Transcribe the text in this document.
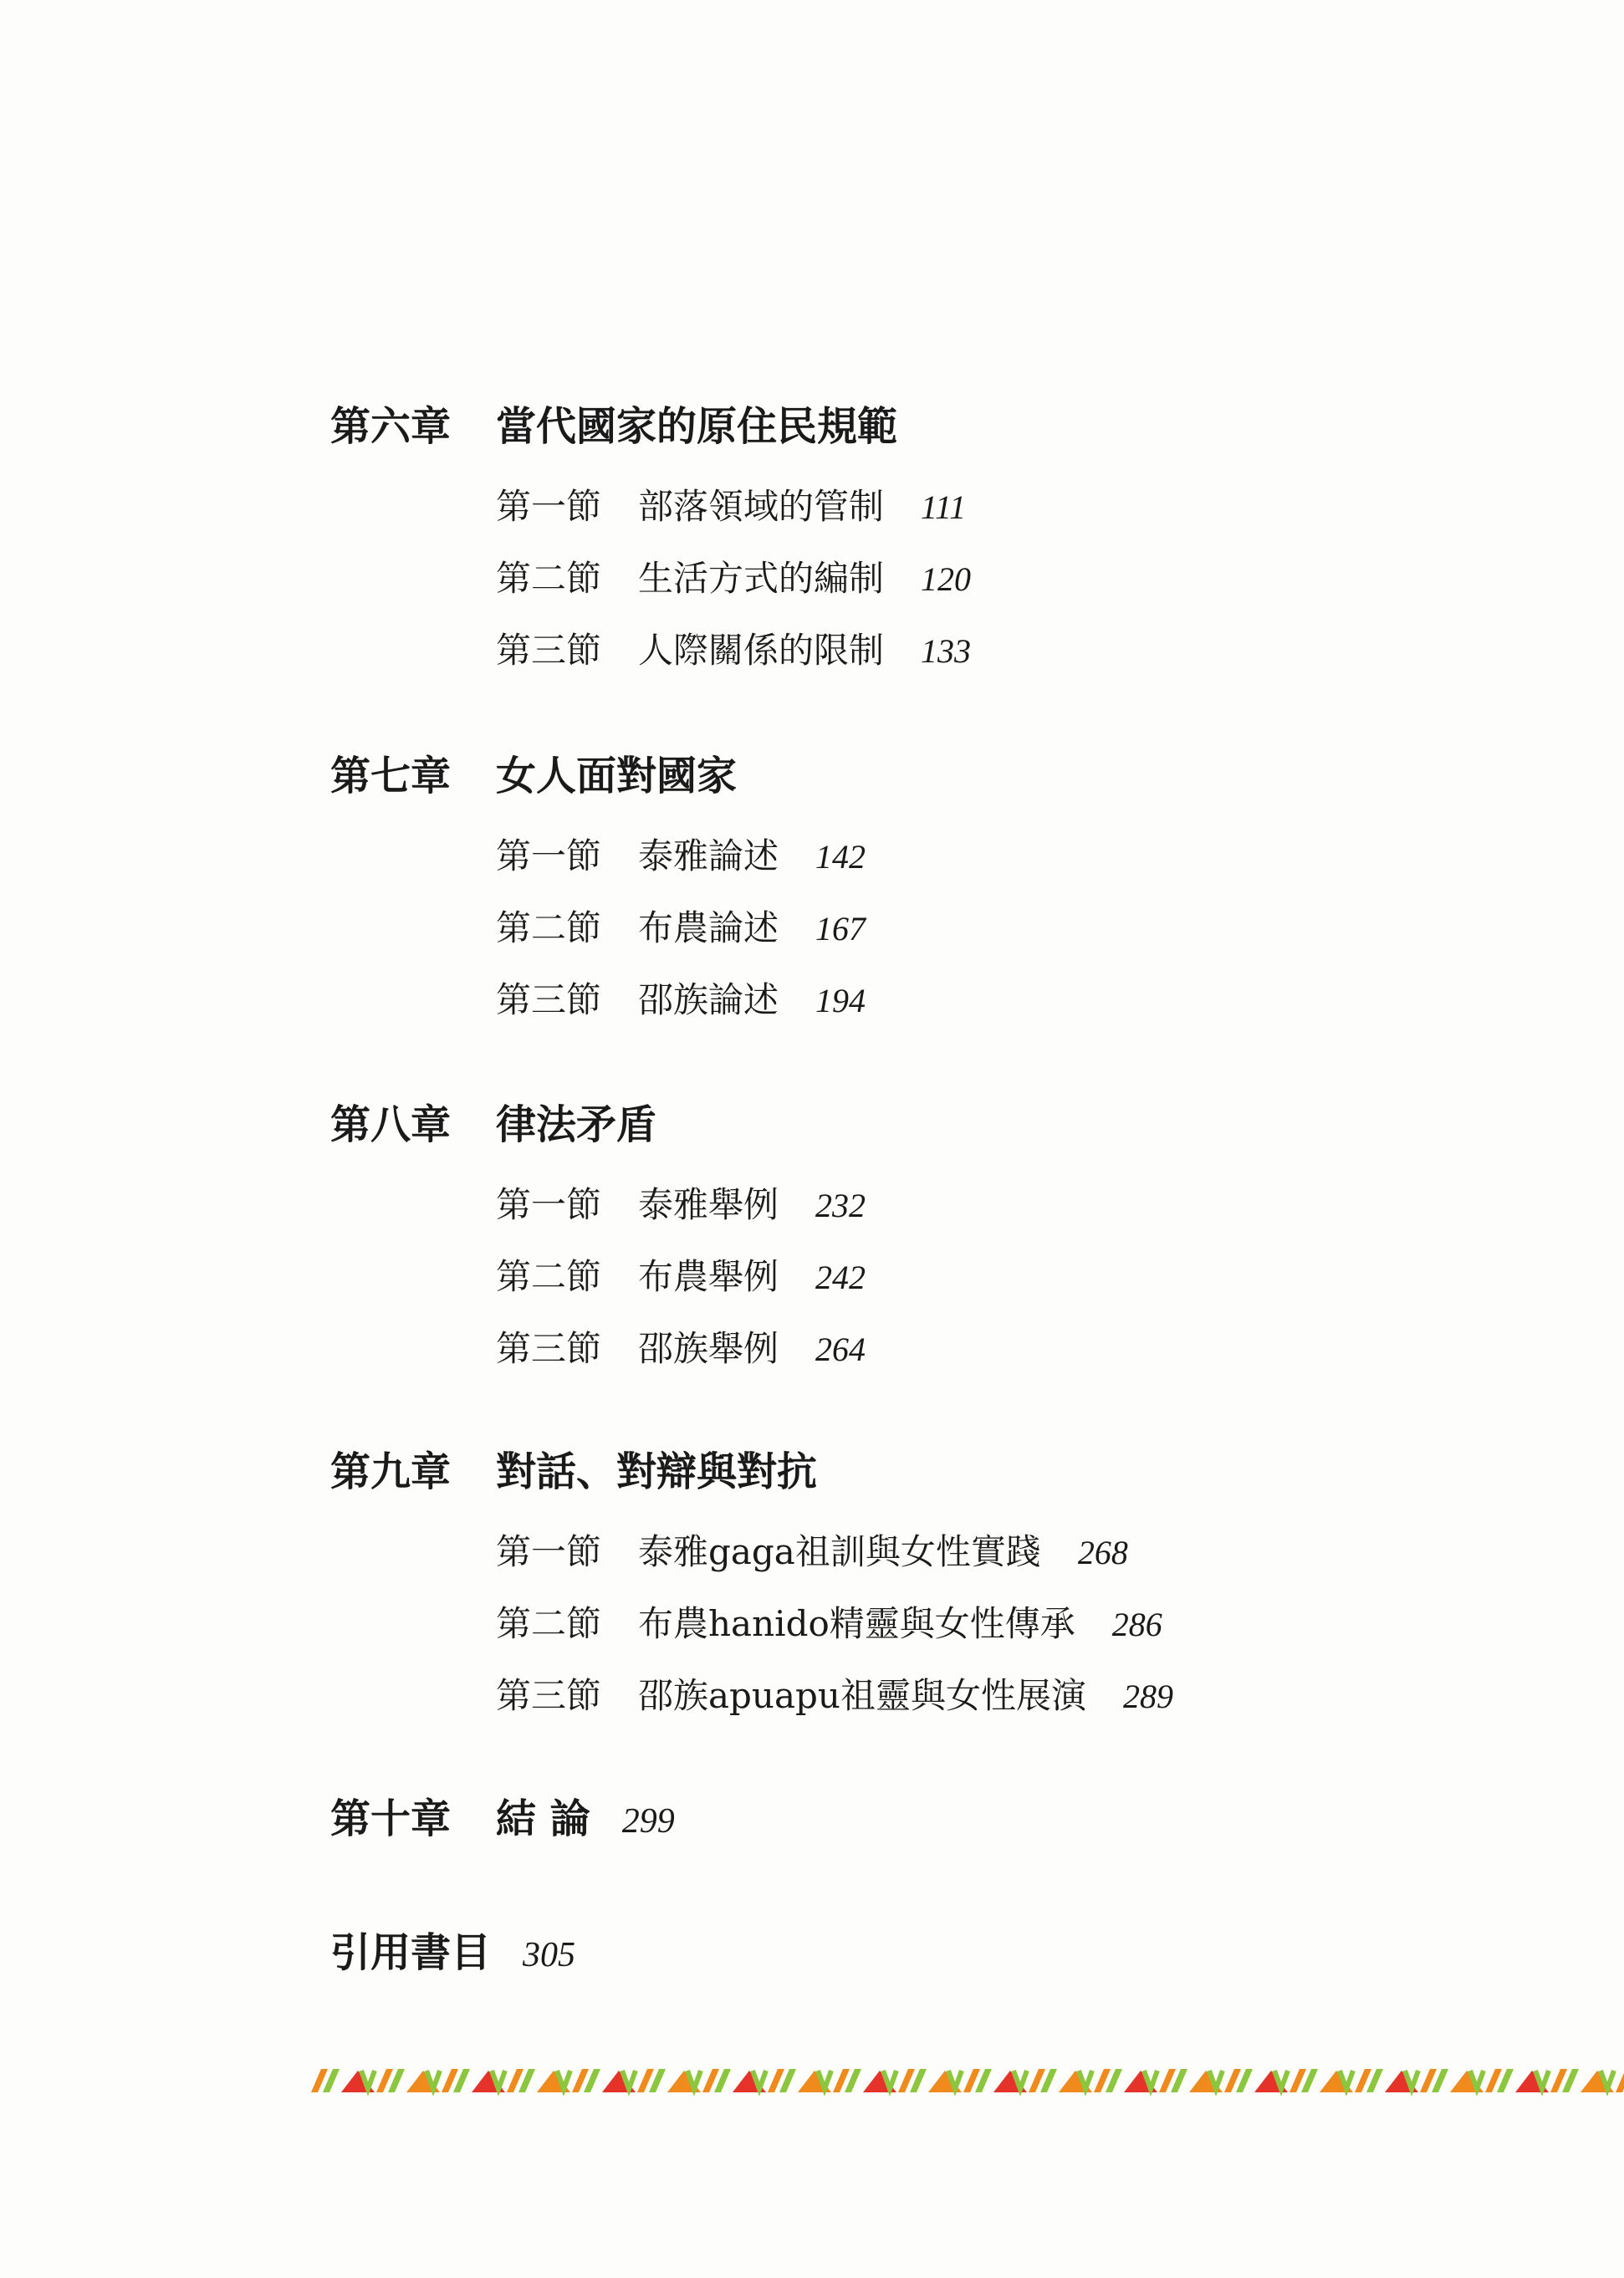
第六章	當代國家的原住民規範
第一節	部落領域的管制 111
第二節	生活方式的編制 120
第三節	人際關係的限制 133
第七章	女人面對國家
第一節	泰雅論述 142
第二節	布農論述 167
第三節	邵族論述 194
第八章	律法矛盾
第一節	泰雅舉例 232
第二節	布農舉例 242
第三節	邵族舉例 264
第九章	對話、對辯與對抗
第一節	泰雅gaga祖訓與女性實踐 268
第二節	布農hanido精靈與女性傳承 286
第三節	邵族apuapu祖靈與女性展演 289
第十章	結 論 299
引用書目 305
